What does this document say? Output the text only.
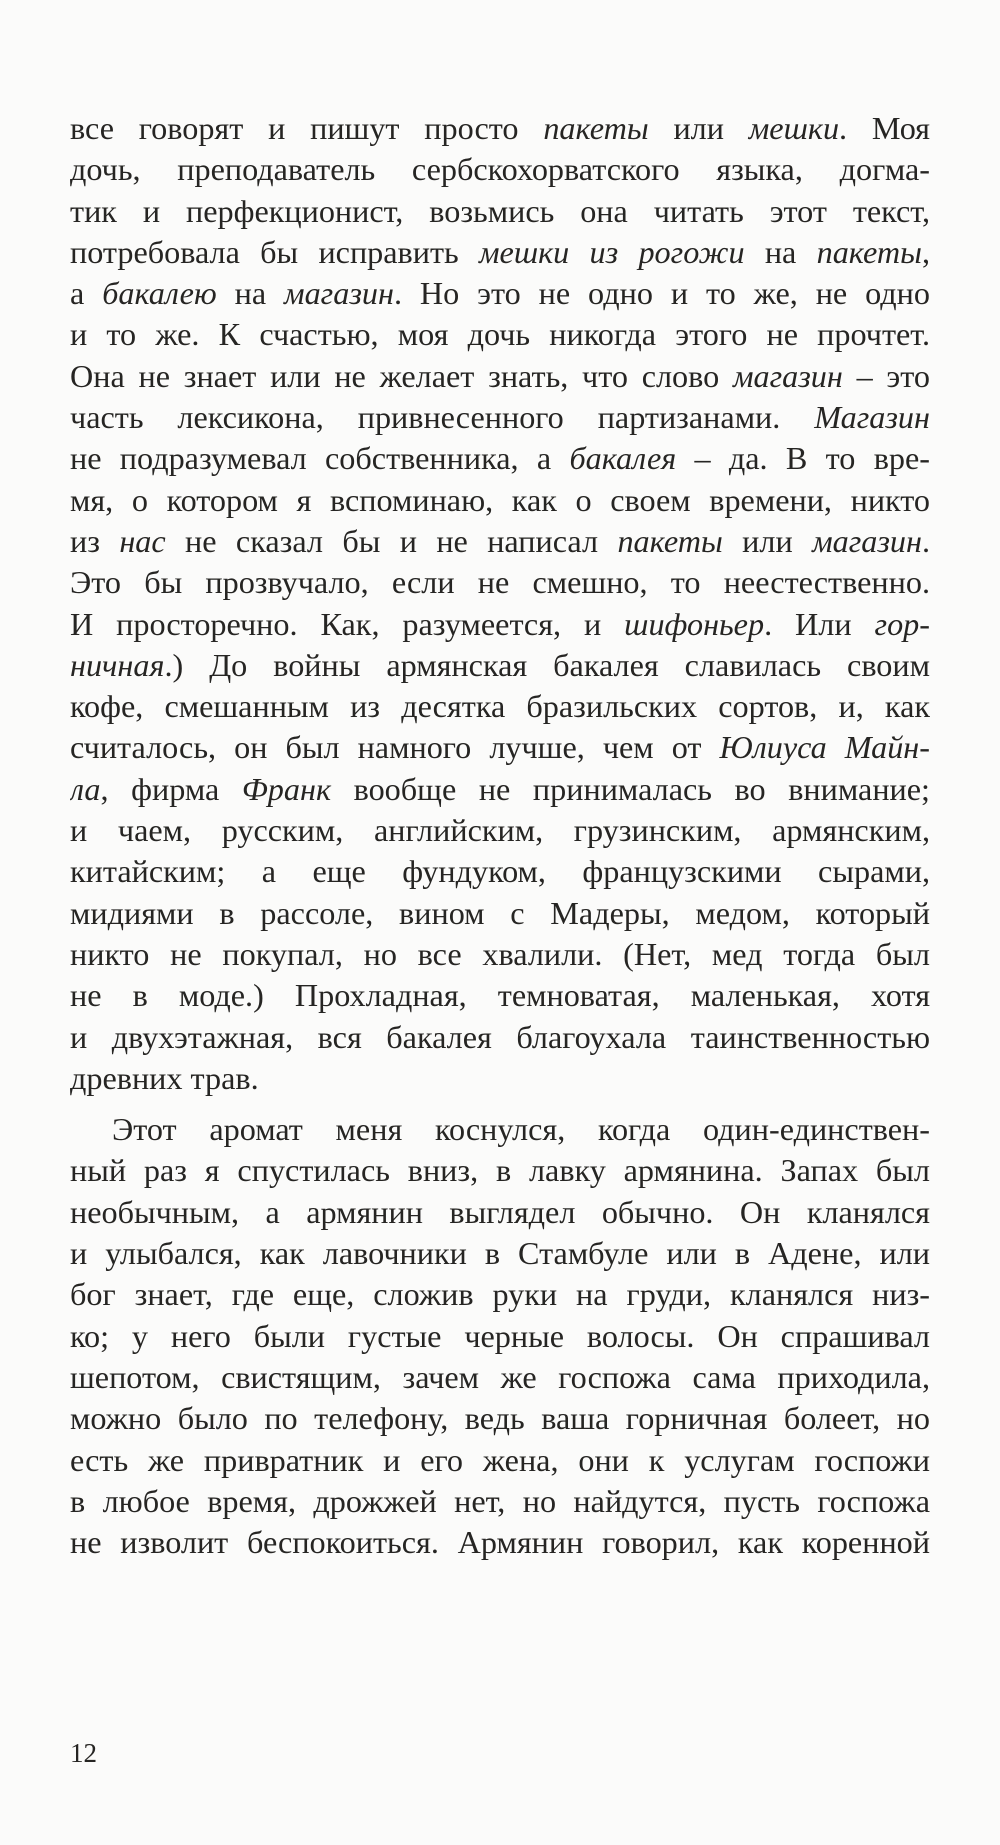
все говорят и пишут просто пакеты или мешки. Моя
дочь, преподаватель сербскохорватского языка, догма-
тик и перфекционист, возьмись она читать этот текст,
потребовала бы исправить мешки из рогожи на пакеты,
а бакалею на магазин. Но это не одно и то же, не одно
и то же. К счастью, моя дочь никогда этого не прочтет.
Она не знает или не желает знать, что слово магазин – это
часть лексикона, привнесенного партизанами. Магазин
не подразумевал собственника, а бакалея – да. В то вре-
мя, о котором я вспоминаю, как о своем времени, никто
из нас не сказал бы и не написал пакеты или магазин.
Это бы прозвучало, если не смешно, то неестественно.
И просторечно. Как, разумеется, и шифоньер. Или гор-
ничная.) До войны армянская бакалея славилась своим
кофе, смешанным из десятка бразильских сортов, и, как
считалось, он был намного лучше, чем от Юлиуса Майн-
ла, фирма Франк вообще не принималась во внимание;
и чаем, русским, английским, грузинским, армянским,
китайским; а еще фундуком, французскими сырами,
мидиями в рассоле, вином с Мадеры, медом, который
никто не покупал, но все хвалили. (Нет, мед тогда был
не в моде.) Прохладная, темноватая, маленькая, хотя
и двухэтажная, вся бакалея благоухала таинственностью
древних трав.
Этот аромат меня коснулся, когда один-единствен-
ный раз я спустилась вниз, в лавку армянина. Запах был
необычным, а армянин выглядел обычно. Он кланялся
и улыбался, как лавочники в Стамбуле или в Адене, или
бог знает, где еще, сложив руки на груди, кланялся низ-
ко; у него были густые черные волосы. Он спрашивал
шепотом, свистящим, зачем же госпожа сама приходила,
можно было по телефону, ведь ваша горничная болеет, но
есть же привратник и его жена, они к услугам госпожи
в любое время, дрожжей нет, но найдутся, пусть госпожа
не изволит беспокоиться. Армянин говорил, как коренной
12
